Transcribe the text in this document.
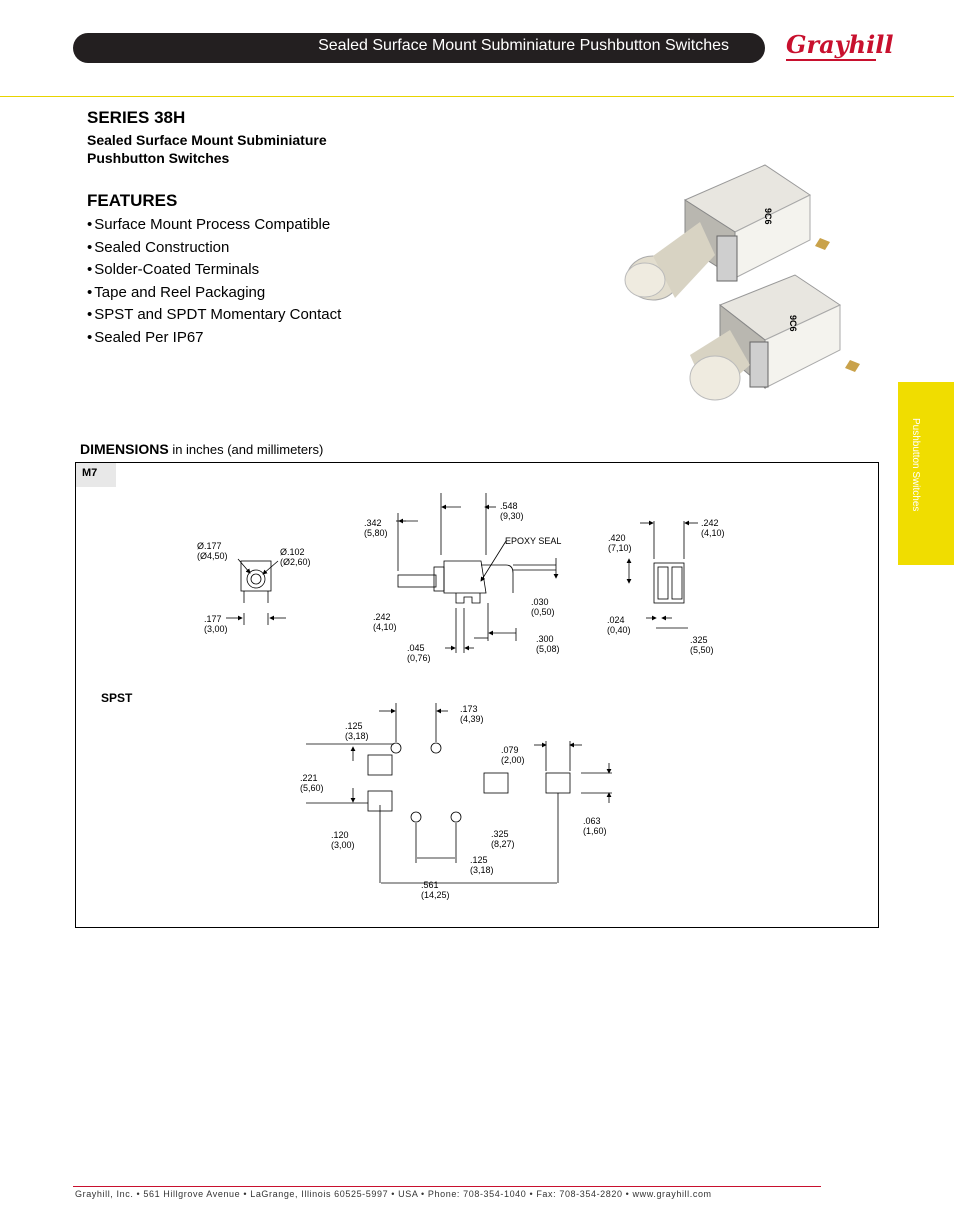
Sealed Surface Mount Subminiature Pushbutton Switches Grayhill
SERIES 38H
Sealed Surface Mount Subminiature Pushbutton Switches
FEATURES
• Surface Mount Process Compatible
• Sealed Construction
• Solder-Coated Terminals
• Tape and Reel Packaging
• SPST and SPDT Momentary Contact
• Sealed Per IP67
9C6
9C6
Pushbutton Switches
DIMENSIONS in inches (and millimeters)
M7
SPST
Ø.177
(Ø4,50)	Ø.102
(Ø2,60)
.177
(3,00)
.342
(5,80)
.548
(9,30)
EPOXY SEAL
.030
(0,50)
.242
(4,10)
.045
(0,76)
.300
(5,08)
.420
(7,10)
.242
(4,10)
.024
(0,40)
.325
(5,50)
.173
(4,39)
.125
(3,18)
.221
(5,60)
.079
(2,00)
.120
(3,00)
.325
(8,27)
.063
(1,60)
.125
(3,18)
.561
(14,25)
Grayhill, Inc. • 561 Hillgrove Avenue • LaGrange, Illinois 60525-5997 • USA • Phone: 708-354-1040 • Fax: 708-354-2820 • www.grayhill.com
